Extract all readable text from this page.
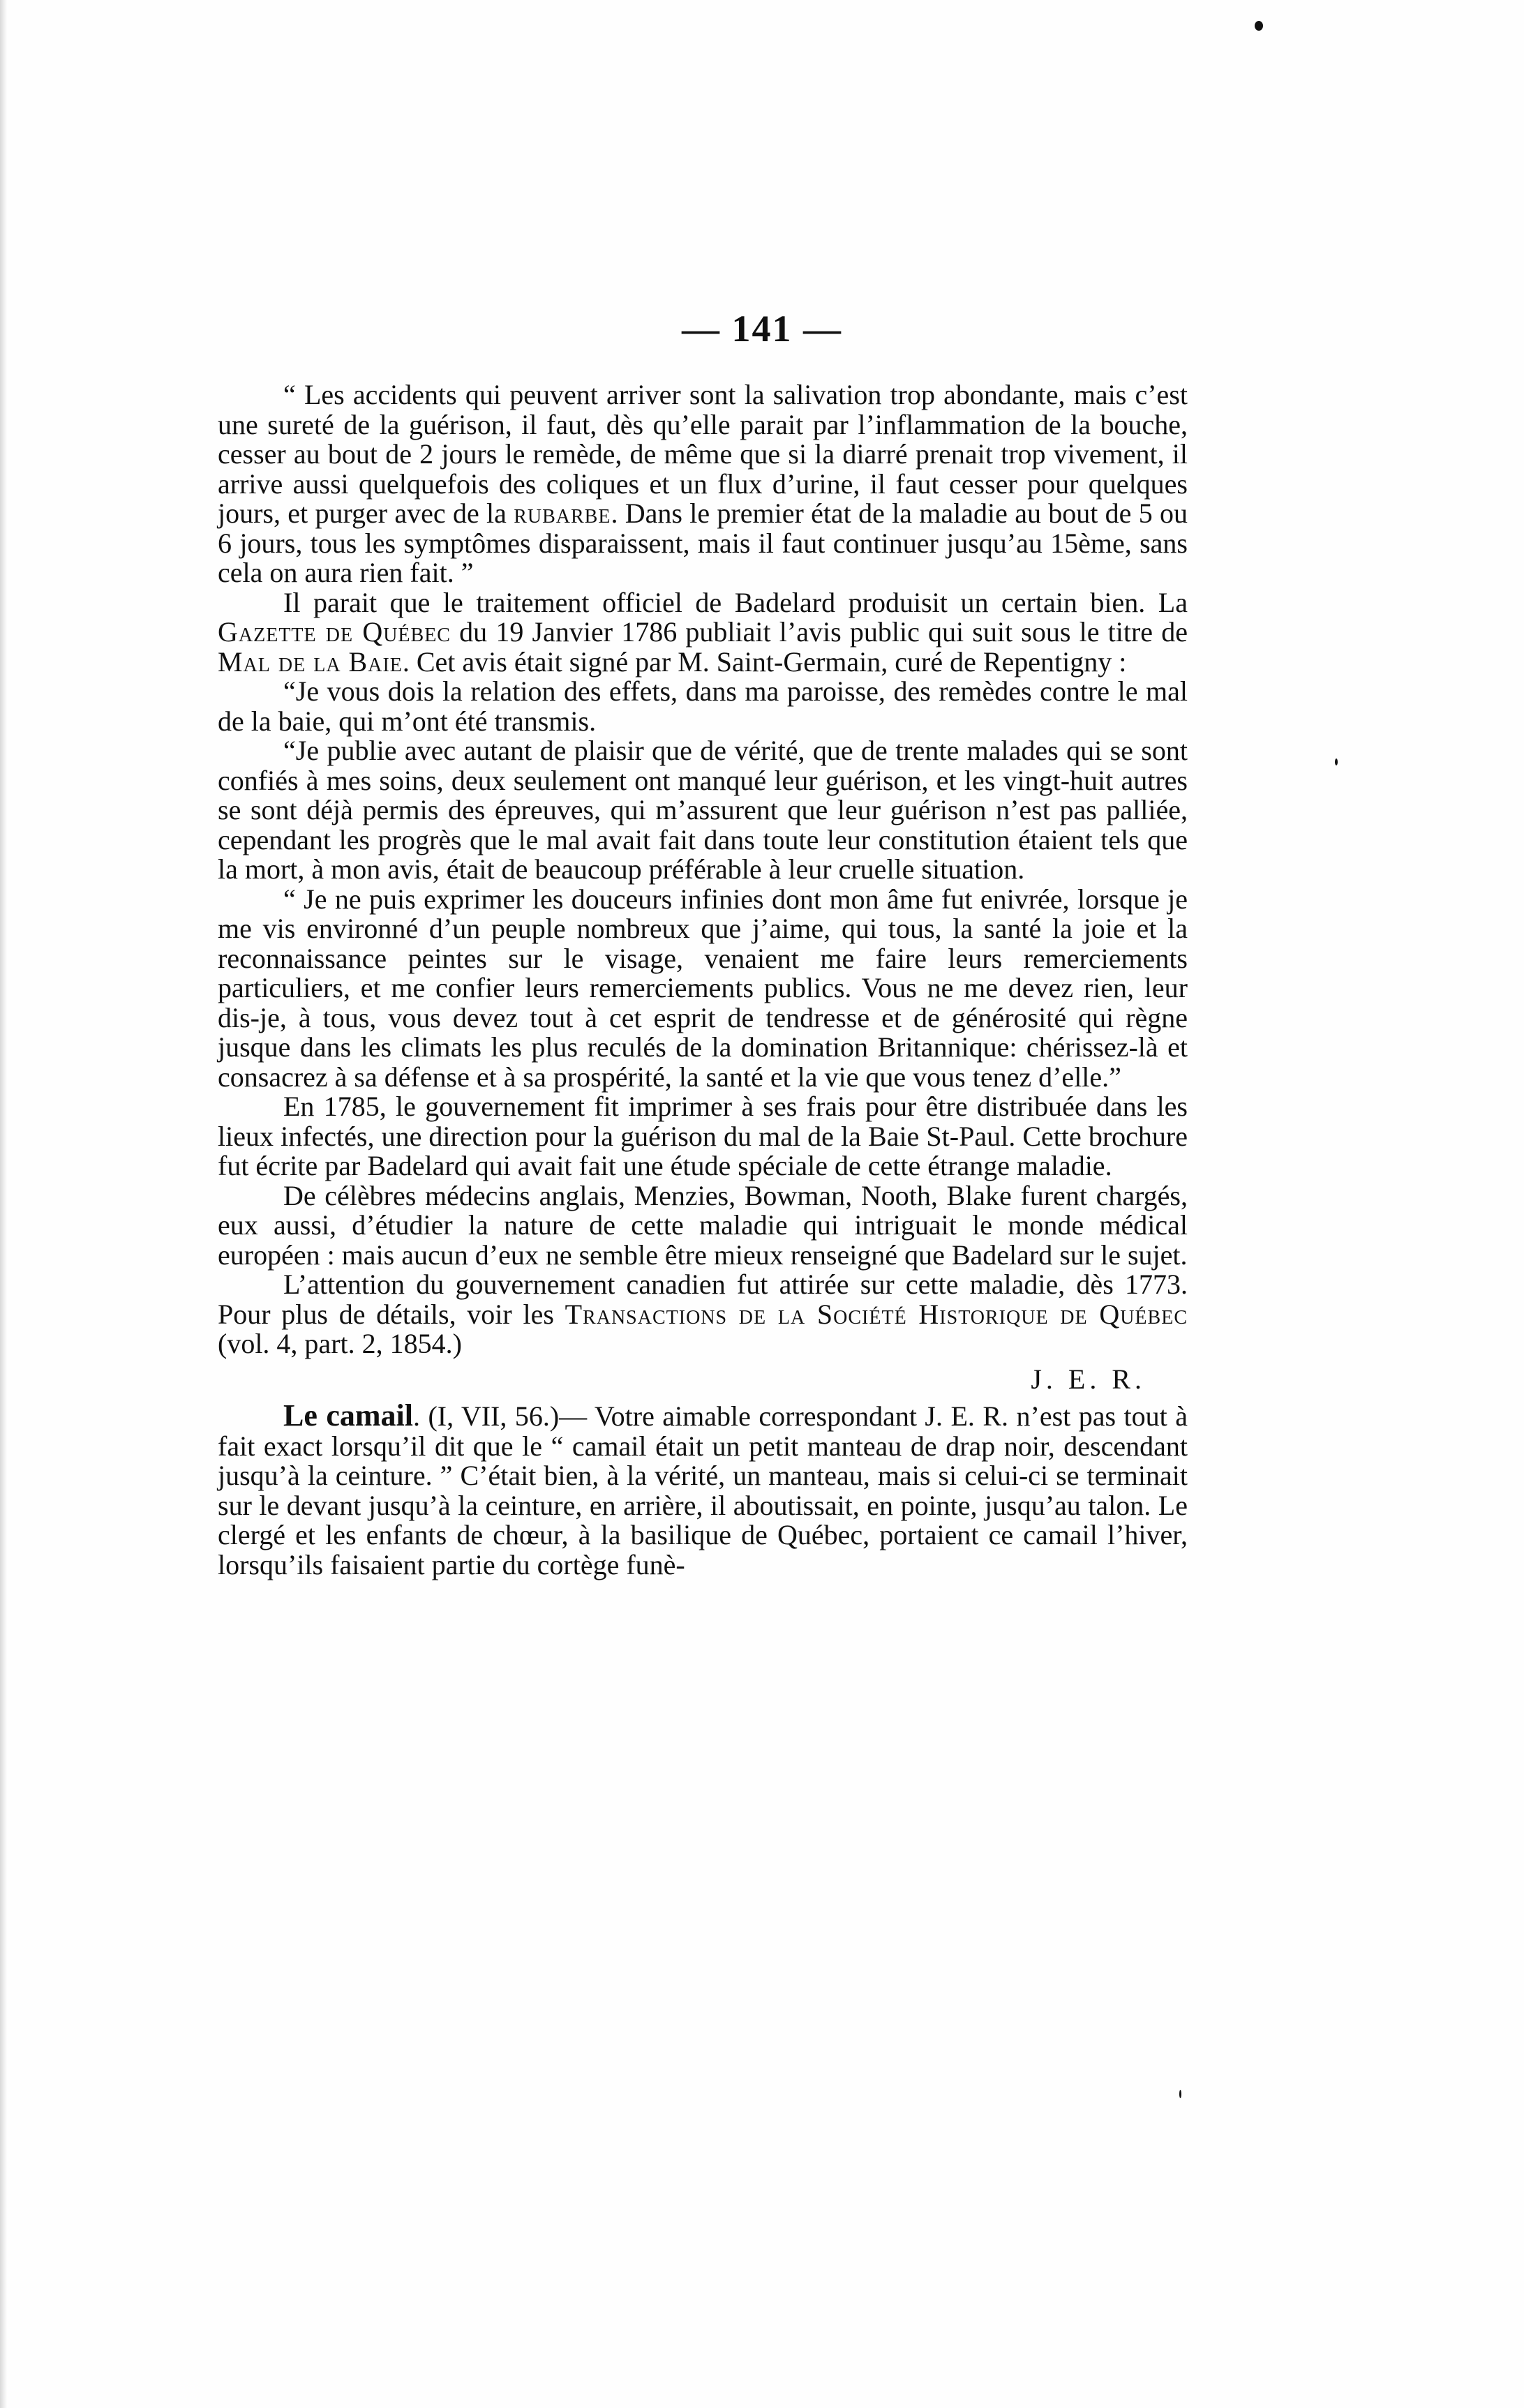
— 141 —

“ Les accidents qui peuvent arriver sont la salivation trop abondante, mais c’est une sureté de la guérison, il faut, dès qu’elle parait par l’inflammation de la bouche, cesser au bout de 2 jours le remède, de même que si la diarré prenait trop vivement, il arrive aussi quelquefois des coliques et un flux d’urine, il faut cesser pour quelques jours, et purger avec de la rubarbe. Dans le premier état de la maladie au bout de 5 ou 6 jours, tous les symptômes disparaissent, mais il faut continuer jusqu’au 15ème, sans cela on aura rien fait. ”

Il parait que le traitement officiel de Badelard produisit un certain bien. La Gazette de Québec du 19 Janvier 1786 publiait l’avis public qui suit sous le titre de Mal de la Baie. Cet avis était signé par M. Saint-Germain, curé de Repentigny :

“Je vous dois la relation des effets, dans ma paroisse, des remèdes contre le mal de la baie, qui m’ont été transmis.

“Je publie avec autant de plaisir que de vérité, que de trente malades qui se sont confiés à mes soins, deux seulement ont manqué leur guérison, et les vingt-huit autres se sont déjà permis des épreuves, qui m’assurent que leur guérison n’est pas palliée, cependant les progrès que le mal avait fait dans toute leur constitution étaient tels que la mort, à mon avis, était de beaucoup préférable à leur cruelle situation.

“ Je ne puis exprimer les douceurs infinies dont mon âme fut enivrée, lorsque je me vis environné d’un peuple nombreux que j’aime, qui tous, la santé la joie et la reconnaissance peintes sur le visage, venaient me faire leurs remerciements particuliers, et me confier leurs remerciements publics. Vous ne me devez rien, leur dis-je, à tous, vous devez tout à cet esprit de tendresse et de générosité qui règne jusque dans les climats les plus reculés de la domination Britannique: chérissez-là et consacrez à sa défense et à sa prospérité, la santé et la vie que vous tenez d’elle.”

En 1785, le gouvernement fit imprimer à ses frais pour être distribuée dans les lieux infectés, une direction pour la guérison du mal de la Baie St-Paul. Cette brochure fut écrite par Badelard qui avait fait une étude spéciale de cette étrange maladie.

De célèbres médecins anglais, Menzies, Bowman, Nooth, Blake furent chargés, eux aussi, d’étudier la nature de cette maladie qui intriguait le monde médical européen : mais aucun d’eux ne semble être mieux renseigné que Badelard sur le sujet.

L’attention du gouvernement canadien fut attirée sur cette maladie, dès 1773. Pour plus de détails, voir les Transactions de la Société Historique de Québec (vol. 4, part. 2, 1854.)

J. E. R.

Le camail. (I, VII, 56.)— Votre aimable correspondant J. E. R. n’est pas tout à fait exact lorsqu’il dit que le “ camail était un petit manteau de drap noir, descendant jusqu’à la ceinture. ” C’était bien, à la vérité, un manteau, mais si celui-ci se terminait sur le devant jusqu’à la ceinture, en arrière, il aboutissait, en pointe, jusqu’au talon. Le clergé et les enfants de chœur, à la basilique de Québec, portaient ce camail l’hiver, lorsqu’ils faisaient partie du cortège funè-
